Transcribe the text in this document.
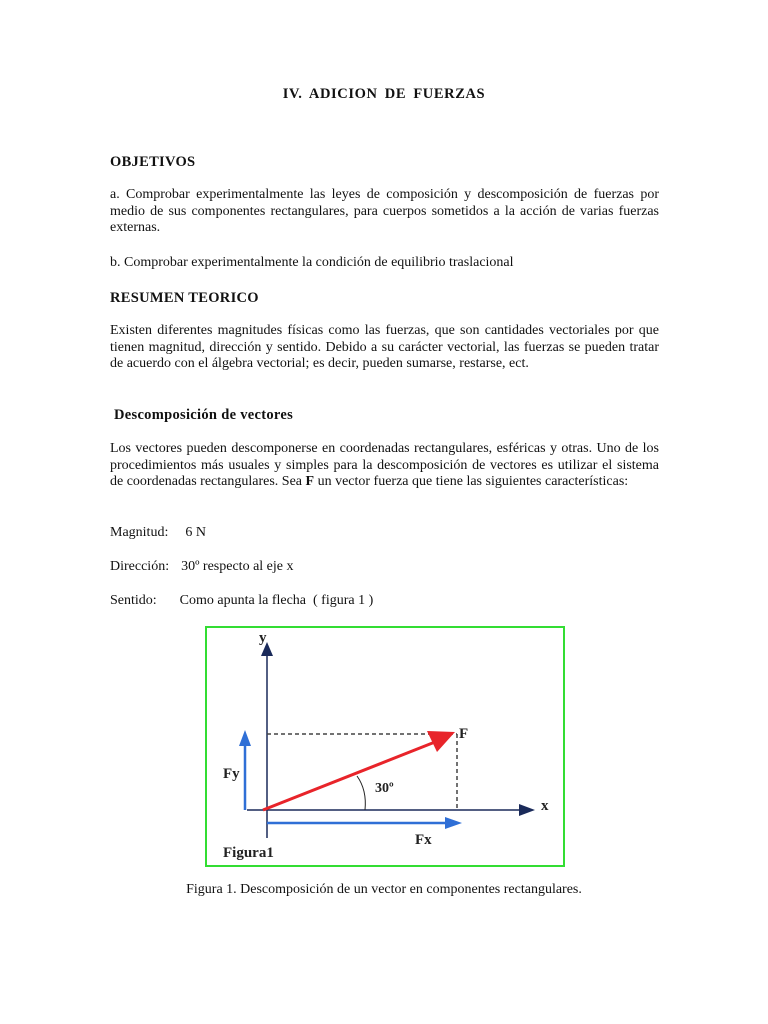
IV. ADICION DE FUERZAS
OBJETIVOS
a. Comprobar experimentalmente las leyes de composición y descomposición de fuerzas por medio de sus componentes rectangulares, para cuerpos sometidos a la acción de varias fuerzas externas.
b. Comprobar experimentalmente la condición de equilibrio traslacional
RESUMEN TEORICO
Existen diferentes magnitudes físicas como las fuerzas, que son cantidades vectoriales por que tienen magnitud, dirección y sentido. Debido a su carácter vectorial, las fuerzas se pueden tratar de acuerdo con el álgebra vectorial; es decir, pueden sumarse, restarse, ect.
Descomposición de vectores
Los vectores pueden descomponerse en coordenadas rectangulares, esféricas y otras. Uno de los procedimientos más usuales y simples para la descomposición de vectores es utilizar el sistema de coordenadas rectangulares. Sea F un vector fuerza que tiene las siguientes características:
Magnitud: 6 N
Dirección: 30º respecto al eje x
Sentido: Como apunta la flecha  ( figura 1 )
y
x
F
Fy
Fx
30º
Figura1
Figura 1. Descomposición de un vector en componentes rectangulares.
